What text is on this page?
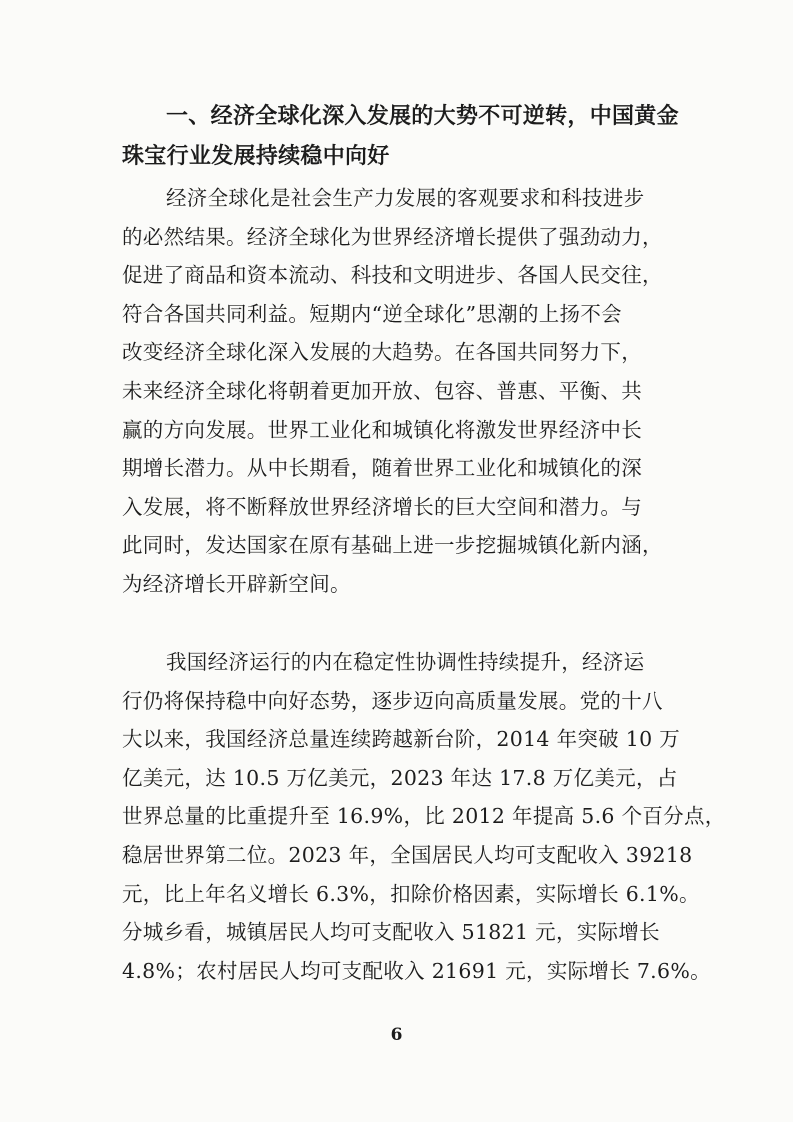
一、经济全球化深入发展的大势不可逆转，中国黄金
珠宝行业发展持续稳中向好

经济全球化是社会生产力发展的客观要求和科技进步
的必然结果。经济全球化为世界经济增长提供了强劲动力，
促进了商品和资本流动、科技和文明进步、各国人民交往，
符合各国共同利益。短期内“逆全球化”思潮的上扬不会
改变经济全球化深入发展的大趋势。在各国共同努力下，
未来经济全球化将朝着更加开放、包容、普惠、平衡、共
赢的方向发展。世界工业化和城镇化将激发世界经济中长
期增长潜力。从中长期看，随着世界工业化和城镇化的深
入发展，将不断释放世界经济增长的巨大空间和潜力。与
此同时，发达国家在原有基础上进一步挖掘城镇化新内涵，
为经济增长开辟新空间。

我国经济运行的内在稳定性协调性持续提升，经济运
行仍将保持稳中向好态势，逐步迈向高质量发展。党的十八
大以来，我国经济总量连续跨越新台阶，2014 年突破 10 万
亿美元，达 10.5 万亿美元，2023 年达 17.8 万亿美元，占
世界总量的比重提升至 16.9%，比 2012 年提高 5.6 个百分点，
稳居世界第二位。2023 年，全国居民人均可支配收入 39218
元，比上年名义增长 6.3%，扣除价格因素，实际增长 6.1%。
分城乡看，城镇居民人均可支配收入 51821 元，实际增长
4.8%；农村居民人均可支配收入 21691 元，实际增长 7.6%。

6
